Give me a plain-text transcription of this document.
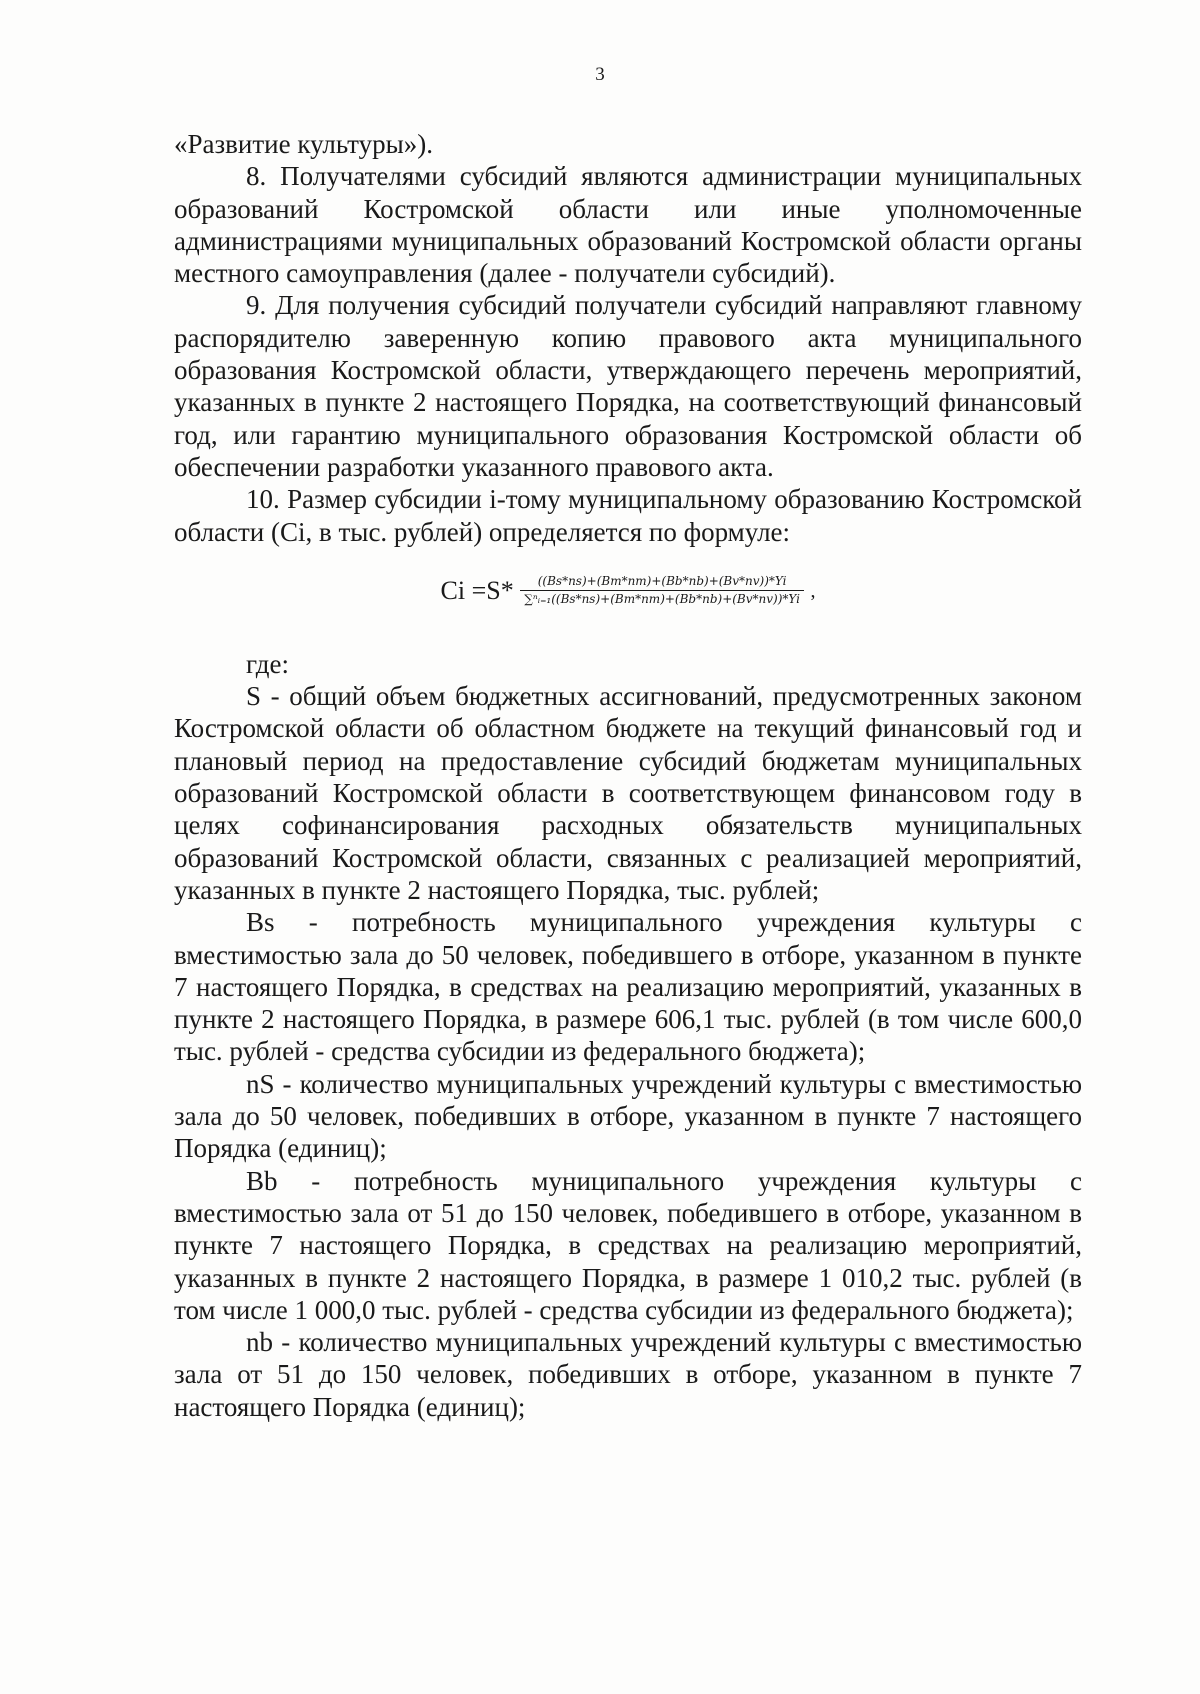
3

«Развитие культуры»).

8. Получателями субсидий являются администрации муниципальных образований Костромской области или иные уполномоченные администрациями муниципальных образований Костромской области органы местного самоуправления (далее - получатели субсидий).

9. Для получения субсидий получатели субсидий направляют главному распорядителю заверенную копию правового акта муниципального образования Костромской области, утверждающего перечень мероприятий, указанных в пункте 2 настоящего Порядка, на соответствующий финансовый год, или гарантию муниципального образования Костромской области об обеспечении разработки указанного правового акта.

10. Размер субсидии i-тому муниципальному образованию Костромской области (Ci, в тыс. рублей) определяется по формуле:

$Ci =S* \frac{((Bs*ns)+(Bm*nm)+(Bb*nb)+(Bv*nv))*Yi}{\text{∑ⁿᵢ₌₁((Bs*ns)+(Bm*nm)+(Bb*nb)+(Bv*nv))*Yi}}$ ,

где:

S - общий объем бюджетных ассигнований, предусмотренных законом Костромской области об областном бюджете на текущий финансовый год и плановый период на предоставление субсидий бюджетам муниципальных образований Костромской области в соответствующем финансовом году в целях софинансирования расходных обязательств муниципальных образований Костромской области, связанных с реализацией мероприятий, указанных в пункте 2 настоящего Порядка, тыс. рублей;

Bs - потребность муниципального учреждения культуры с вместимостью зала до 50 человек, победившего в отборе, указанном в пункте 7 настоящего Порядка, в средствах на реализацию мероприятий, указанных в пункте 2 настоящего Порядка, в размере 606,1 тыс. рублей (в том числе 600,0 тыс. рублей - средства субсидии из федерального бюджета);

nS - количество муниципальных учреждений культуры с вместимостью зала до 50 человек, победивших в отборе, указанном в пункте 7 настоящего Порядка (единиц);

Bb - потребность муниципального учреждения культуры с вместимостью зала от 51 до 150 человек, победившего в отборе, указанном в пункте 7 настоящего Порядка, в средствах на реализацию мероприятий, указанных в пункте 2 настоящего Порядка, в размере 1 010,2 тыс. рублей (в том числе 1 000,0 тыс. рублей - средства субсидии из федерального бюджета);

nb - количество муниципальных учреждений культуры с вместимостью зала от 51 до 150 человек, победивших в отборе, указанном в пункте 7 настоящего Порядка (единиц);
